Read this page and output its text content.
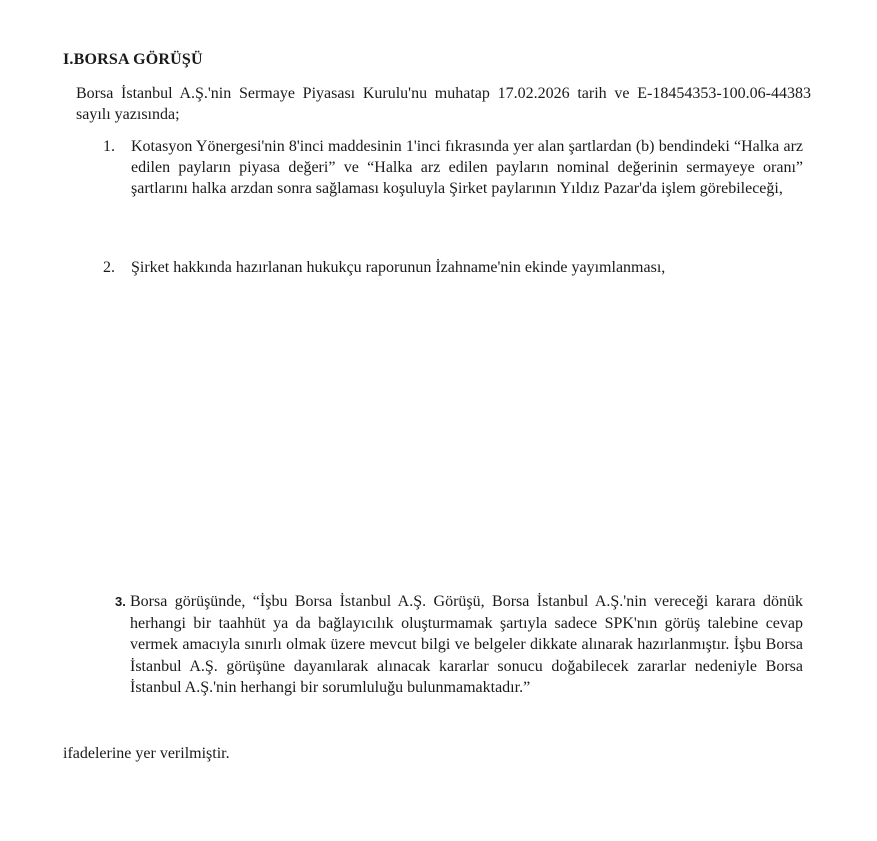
I.BORSA GÖRÜŞÜ
Borsa İstanbul A.Ş.'nin Sermaye Piyasası Kurulu'nu muhatap 17.02.2026 tarih ve E-18454353-100.06-44383 sayılı yazısında;
1.	Kotasyon Yönergesi'nin 8'inci maddesinin 1'inci fıkrasında yer alan şartlardan (b) bendindeki “Halka arz edilen payların piyasa değeri” ve “Halka arz edilen payların nominal değerinin sermayeye oranı” şartlarını halka arzdan sonra sağlaması koşuluyla Şirket paylarının Yıldız Pazar'da işlem görebileceği,
2.	Şirket hakkında hazırlanan hukukçu raporunun İzahname'nin ekinde yayımlanması,
3. Borsa görüşünde, “İşbu Borsa İstanbul A.Ş. Görüşü, Borsa İstanbul A.Ş.'nin vereceği karara dönük herhangi bir taahhüt ya da bağlayıcılık oluşturmamak şartıyla sadece SPK'nın görüş talebine cevap vermek amacıyla sınırlı olmak üzere mevcut bilgi ve belgeler dikkate alınarak hazırlanmıştır. İşbu Borsa İstanbul A.Ş. görüşüne dayanılarak alınacak kararlar sonucu doğabilecek zararlar nedeniyle Borsa İstanbul A.Ş.'nin herhangi bir sorumluluğu bulunmamaktadır.”
ifadelerine yer verilmiştir.
